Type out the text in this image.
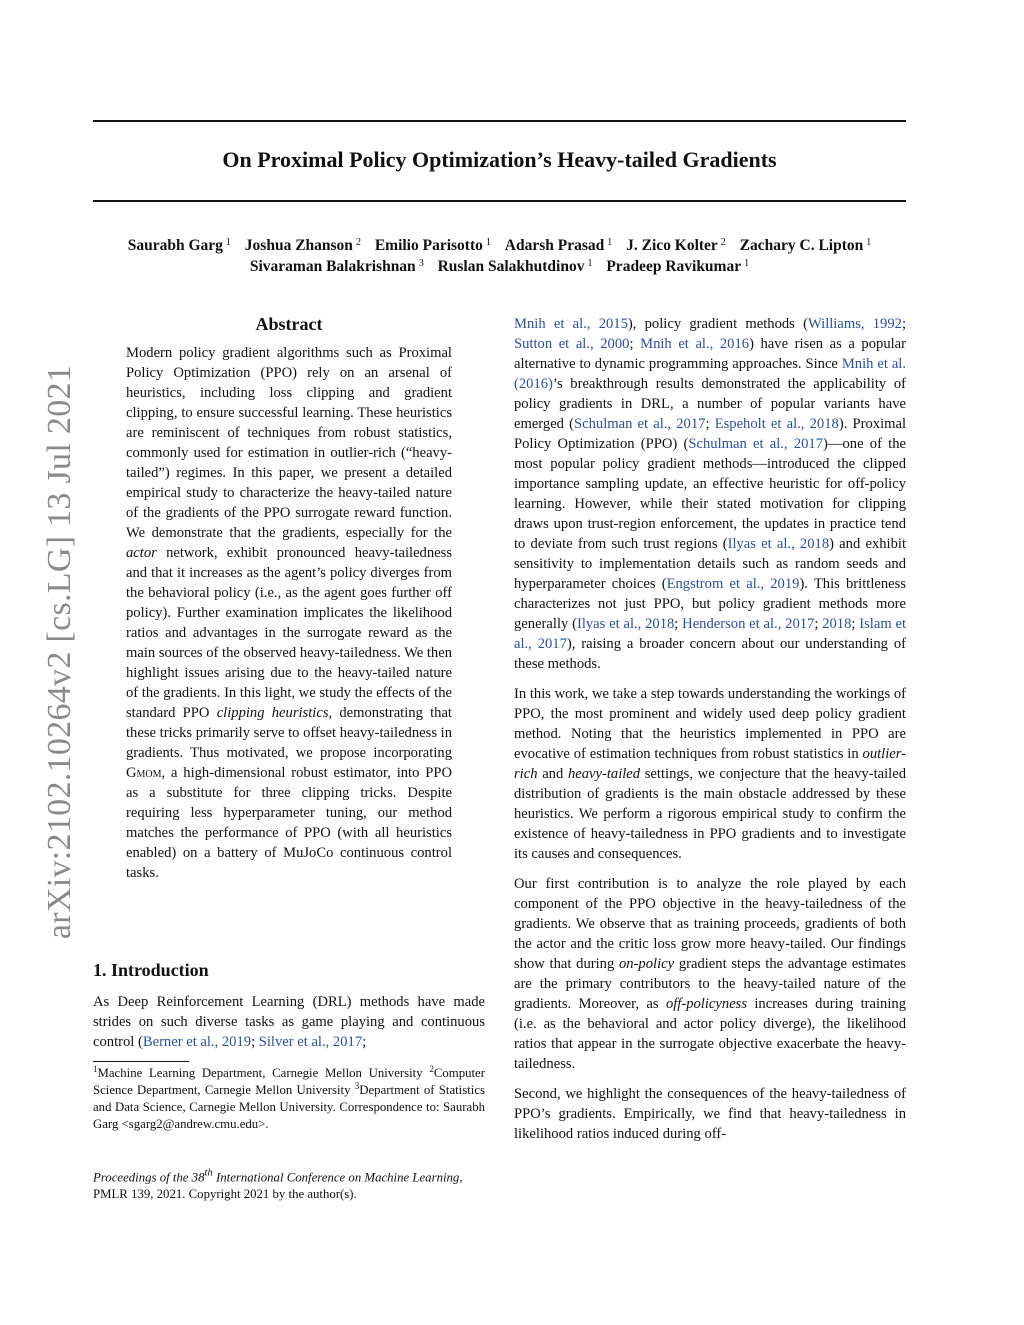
arXiv:2102.10264v2 [cs.LG] 13 Jul 2021
On Proximal Policy Optimization’s Heavy-tailed Gradients
Saurabh Garg $^1$ Joshua Zhanson $^2$ Emilio Parisotto $^1$ Adarsh Prasad $^1$ J. Zico Kolter $^2$ Zachary C. Lipton $^1$
Sivaraman Balakrishnan $^3$ Ruslan Salakhutdinov $^1$ Pradeep Ravikumar $^1$
Abstract
Modern policy gradient algorithms such as Proximal Policy Optimization (PPO) rely on an arsenal of heuristics, including loss clipping and gradient clipping, to ensure successful learning. These heuristics are reminiscent of techniques from robust statistics, commonly used for estimation in outlier-rich (“heavy-tailed”) regimes. In this paper, we present a detailed empirical study to characterize the heavy-tailed nature of the gradients of the PPO surrogate reward function. We demonstrate that the gradients, especially for the actor network, exhibit pronounced heavy-tailedness and that it increases as the agent’s policy diverges from the behavioral policy (i.e., as the agent goes further off policy). Further examination implicates the likelihood ratios and advantages in the surrogate reward as the main sources of the observed heavy-tailedness. We then highlight issues arising due to the heavy-tailed nature of the gradients. In this light, we study the effects of the standard PPO clipping heuristics, demonstrating that these tricks primarily serve to offset heavy-tailedness in gradients. Thus motivated, we propose incorporating Gmom, a high-dimensional robust estimator, into PPO as a substitute for three clipping tricks. Despite requiring less hyperparameter tuning, our method matches the performance of PPO (with all heuristics enabled) on a battery of MuJoCo continuous control tasks.
1. Introduction
As Deep Reinforcement Learning (DRL) methods have made strides on such diverse tasks as game playing and continuous control (Berner et al., 2019; Silver et al., 2017;
$^1$Machine Learning Department, Carnegie Mellon University $^2$Computer Science Department, Carnegie Mellon University $^3$Department of Statistics and Data Science, Carnegie Mellon University. Correspondence to: Saurabh Garg <sgarg2@andrew.cmu.edu>.
Proceedings of the 38th International Conference on Machine Learning, PMLR 139, 2021. Copyright 2021 by the author(s).

Mnih et al., 2015), policy gradient methods (Williams, 1992; Sutton et al., 2000; Mnih et al., 2016) have risen as a popular alternative to dynamic programming approaches. Since Mnih et al. (2016)’s breakthrough results demonstrated the applicability of policy gradients in DRL, a number of popular variants have emerged (Schulman et al., 2017; Espeholt et al., 2018). Proximal Policy Optimization (PPO) (Schulman et al., 2017)—one of the most popular policy gradient methods—introduced the clipped importance sampling update, an effective heuristic for off-policy learning. However, while their stated motivation for clipping draws upon trust-region enforcement, the updates in practice tend to deviate from such trust regions (Ilyas et al., 2018) and exhibit sensitivity to implementation details such as random seeds and hyperparameter choices (Engstrom et al., 2019). This brittleness characterizes not just PPO, but policy gradient methods more generally (Ilyas et al., 2018; Henderson et al., 2017; 2018; Islam et al., 2017), raising a broader concern about our understanding of these methods.

In this work, we take a step towards understanding the workings of PPO, the most prominent and widely used deep policy gradient method. Noting that the heuristics implemented in PPO are evocative of estimation techniques from robust statistics in outlier-rich and heavy-tailed settings, we conjecture that the heavy-tailed distribution of gradients is the main obstacle addressed by these heuristics. We perform a rigorous empirical study to confirm the existence of heavy-tailedness in PPO gradients and to investigate its causes and consequences.

Our first contribution is to analyze the role played by each component of the PPO objective in the heavy-tailedness of the gradients. We observe that as training proceeds, gradients of both the actor and the critic loss grow more heavy-tailed. Our findings show that during on-policy gradient steps the advantage estimates are the primary contributors to the heavy-tailed nature of the gradients. Moreover, as off-policyness increases during training (i.e. as the behavioral and actor policy diverge), the likelihood ratios that appear in the surrogate objective exacerbate the heavy-tailedness.

Second, we highlight the consequences of the heavy-tailedness of PPO’s gradients. Empirically, we find that heavy-tailedness in likelihood ratios induced during off-
